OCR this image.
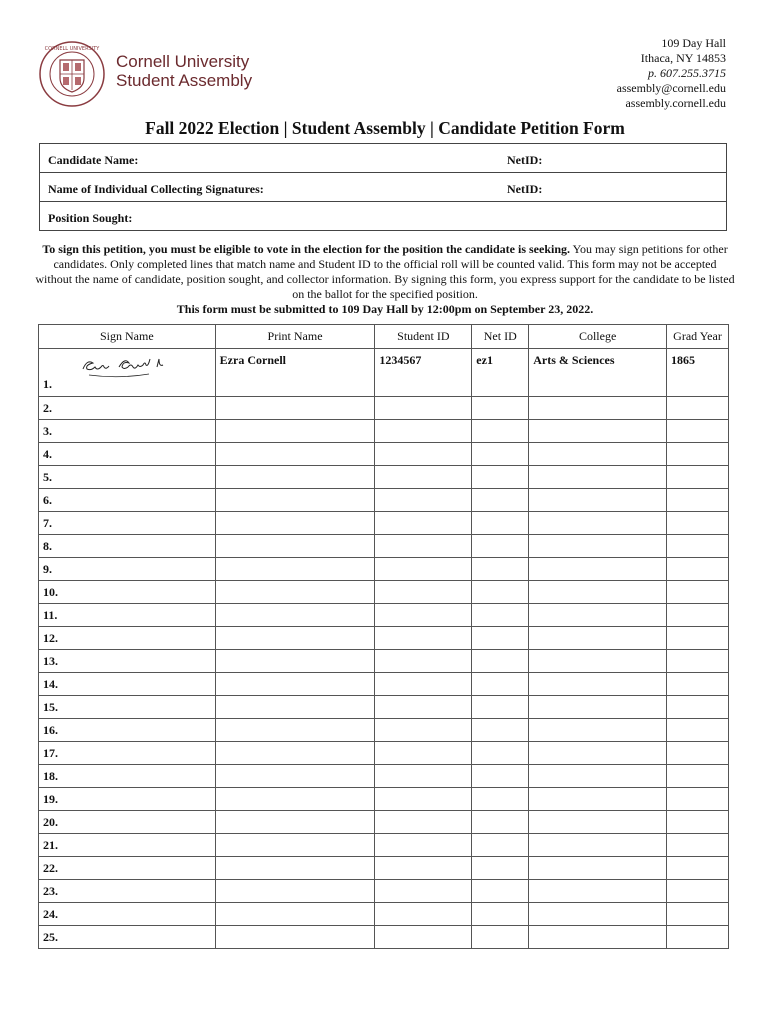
CORNELL UNIVERSITY
Cornell University
Student Assembly
109 Day Hall
Ithaca, NY 14853
p. 607.255.3715
assembly@cornell.edu
assembly.cornell.edu
Fall 2022 Election | Student Assembly | Candidate Petition Form
Candidate Name:	NetID:
Name of Individual Collecting Signatures:	NetID:
Position Sought:
To sign this petition, you must be eligible to vote in the election for the position the candidate is seeking. You may sign petitions for other candidates. Only completed lines that match name and Student ID to the official roll will be counted valid. This form may not be accepted without the name of candidate, position sought, and collector information. By signing this form, you express support for the candidate to be listed on the ballot for the specified position.
This form must be submitted to 109 Day Hall by 12:00pm on September 23, 2022.
Sign Name	Print Name	Student ID	Net ID	College	Grad Year
1.	Ezra Cornell	1234567	ez1	Arts & Sciences	1865
2.					
3.					
4.					
5.					
6.					
7.					
8.					
9.					
10.					
11.					
12.					
13.					
14.					
15.					
16.					
17.					
18.					
19.					
20.					
21.					
22.					
23.					
24.					
25.					
